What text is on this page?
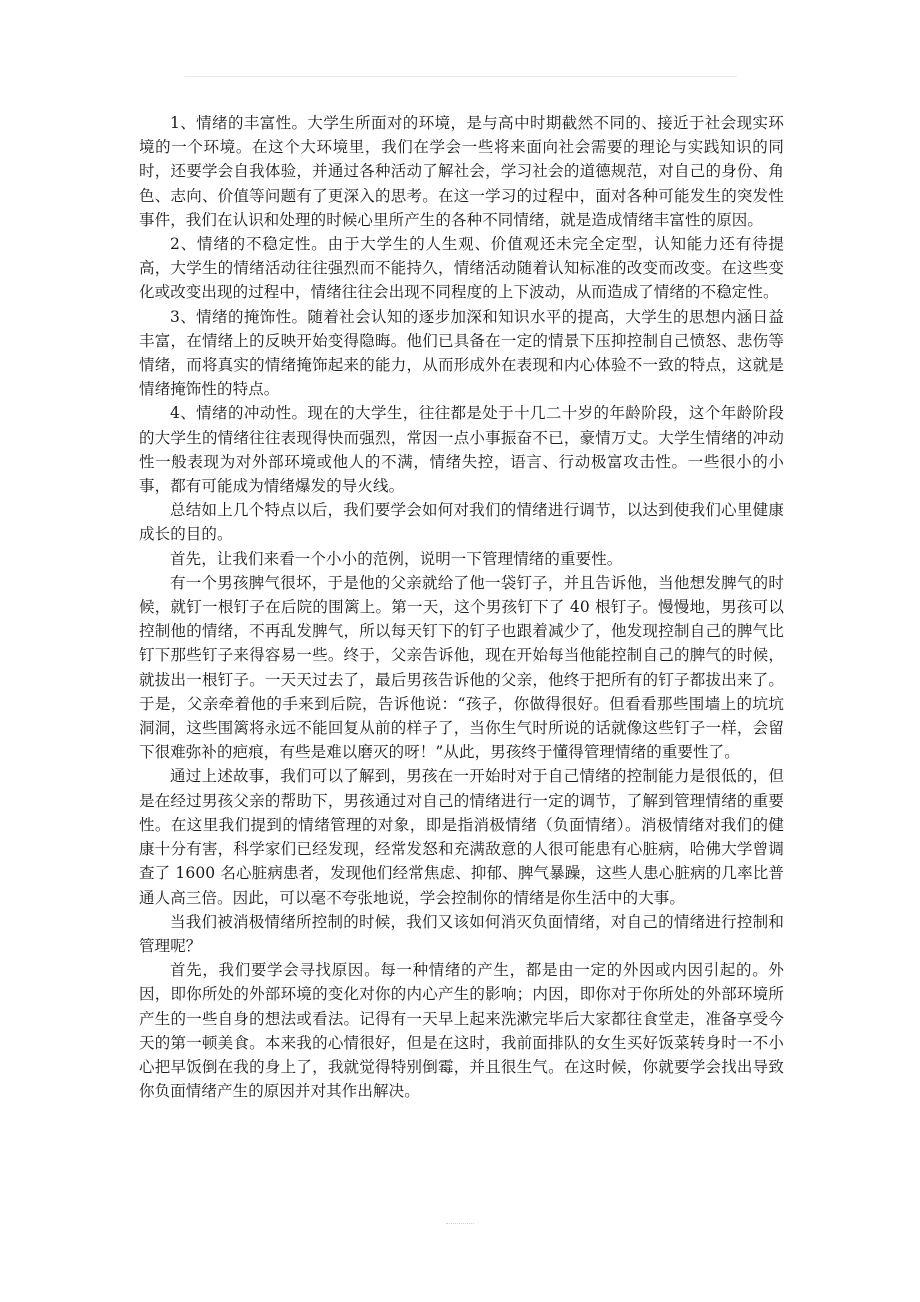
1、情绪的丰富性。大学生所面对的环境，是与高中时期截然不同的、接近于社会现实环境的一个环境。在这个大环境里，我们在学会一些将来面向社会需要的理论与实践知识的同时，还要学会自我体验，并通过各种活动了解社会，学习社会的道德规范，对自己的身份、角色、志向、价值等问题有了更深入的思考。在这一学习的过程中，面对各种可能发生的突发性事件，我们在认识和处理的时候心里所产生的各种不同情绪，就是造成情绪丰富性的原因。

2、情绪的不稳定性。由于大学生的人生观、价值观还未完全定型，认知能力还有待提高，大学生的情绪活动往往强烈而不能持久，情绪活动随着认知标准的改变而改变。在这些变化或改变出现的过程中，情绪往往会出现不同程度的上下波动，从而造成了情绪的不稳定性。

3、情绪的掩饰性。随着社会认知的逐步加深和知识水平的提高，大学生的思想内涵日益丰富，在情绪上的反映开始变得隐晦。他们已具备在一定的情景下压抑控制自己愤怒、悲伤等情绪，而将真实的情绪掩饰起来的能力，从而形成外在表现和内心体验不一致的特点，这就是情绪掩饰性的特点。

4、情绪的冲动性。现在的大学生，往往都是处于十几二十岁的年龄阶段，这个年龄阶段的大学生的情绪往往表现得快而强烈，常因一点小事振奋不已，豪情万丈。大学生情绪的冲动性一般表现为对外部环境或他人的不满，情绪失控，语言、行动极富攻击性。一些很小的小事，都有可能成为情绪爆发的导火线。

总结如上几个特点以后，我们要学会如何对我们的情绪进行调节，以达到使我们心里健康成长的目的。

首先，让我们来看一个小小的范例，说明一下管理情绪的重要性。

有一个男孩脾气很坏，于是他的父亲就给了他一袋钉子，并且告诉他，当他想发脾气的时候，就钉一根钉子在后院的围篱上。第一天，这个男孩钉下了 40 根钉子。慢慢地，男孩可以控制他的情绪，不再乱发脾气，所以每天钉下的钉子也跟着减少了，他发现控制自己的脾气比钉下那些钉子来得容易一些。终于，父亲告诉他，现在开始每当他能控制自己的脾气的时候，就拔出一根钉子。一天天过去了，最后男孩告诉他的父亲，他终于把所有的钉子都拔出来了。于是，父亲牵着他的手来到后院，告诉他说：“孩子，你做得很好。但看看那些围墙上的坑坑洞洞，这些围篱将永远不能回复从前的样子了，当你生气时所说的话就像这些钉子一样，会留下很难弥补的疤痕，有些是难以磨灭的呀！”从此，男孩终于懂得管理情绪的重要性了。

通过上述故事，我们可以了解到，男孩在一开始时对于自己情绪的控制能力是很低的，但是在经过男孩父亲的帮助下，男孩通过对自己的情绪进行一定的调节，了解到管理情绪的重要性。在这里我们提到的情绪管理的对象，即是指消极情绪（负面情绪）。消极情绪对我们的健康十分有害，科学家们已经发现，经常发怒和充满敌意的人很可能患有心脏病，哈佛大学曾调查了 1600 名心脏病患者，发现他们经常焦虑、抑郁、脾气暴躁，这些人患心脏病的几率比普通人高三倍。因此，可以毫不夸张地说，学会控制你的情绪是你生活中的大事。

当我们被消极情绪所控制的时候，我们又该如何消灭负面情绪，对自己的情绪进行控制和管理呢？

首先，我们要学会寻找原因。每一种情绪的产生，都是由一定的外因或内因引起的。外因，即你所处的外部环境的变化对你的内心产生的影响；内因，即你对于你所处的外部环境所产生的一些自身的想法或看法。记得有一天早上起来洗漱完毕后大家都往食堂走，准备享受今天的第一顿美食。本来我的心情很好，但是在这时，我前面排队的女生买好饭菜转身时一不小心把早饭倒在我的身上了，我就觉得特别倒霉，并且很生气。在这时候，你就要学会找出导致你负面情绪产生的原因并对其作出解决。
